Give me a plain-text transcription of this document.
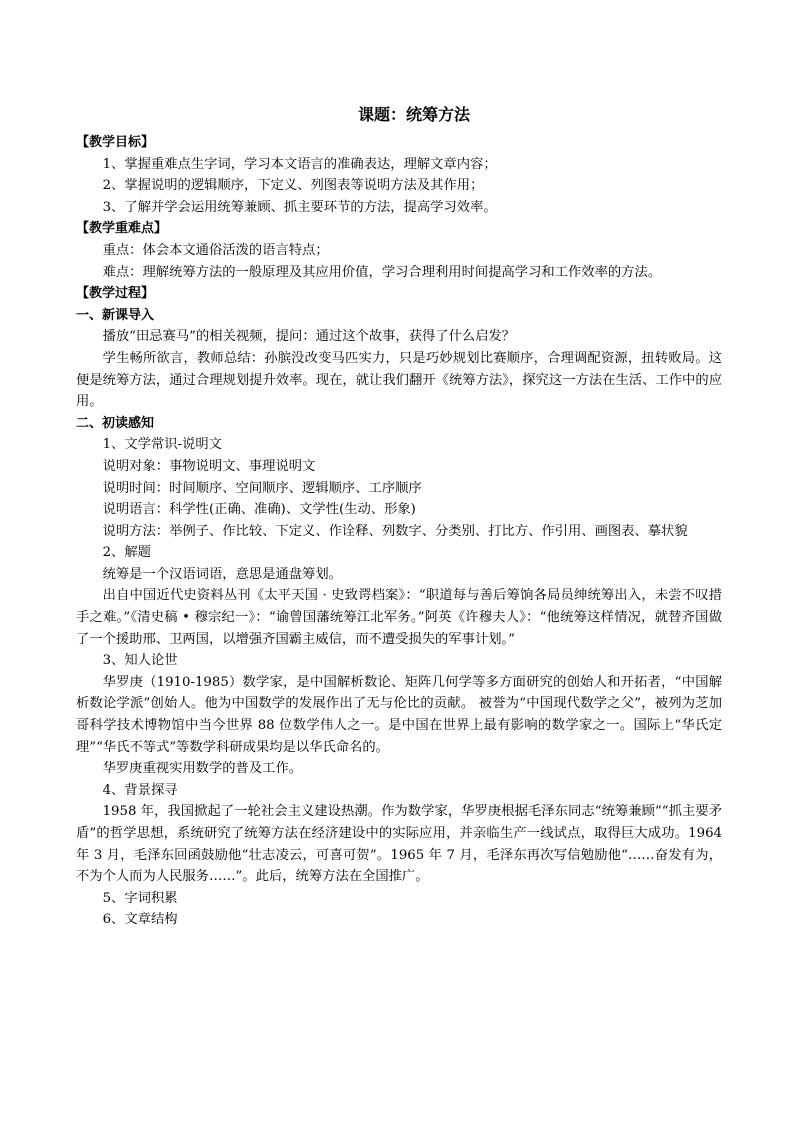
课题：统筹方法
【教学目标】
1、掌握重难点生字词，学习本文语言的准确表达，理解文章内容；
2、掌握说明的逻辑顺序，下定义、列图表等说明方法及其作用；
3、了解并学会运用统筹兼顾、抓主要环节的方法，提高学习效率。
【教学重难点】
重点：体会本文通俗活泼的语言特点；
难点：理解统筹方法的一般原理及其应用价值，学习合理利用时间提高学习和工作效率的方法。
【教学过程】
一、新课导入
播放“田忌赛马”的相关视频，提问：通过这个故事，获得了什么启发？
学生畅所欲言，教师总结：孙膑没改变马匹实力，只是巧妙规划比赛顺序，合理调配资源，扭转败局。这便是统筹方法，通过合理规划提升效率。现在，就让我们翻开《统筹方法》，探究这一方法在生活、工作中的应用。
二、初读感知
1、文学常识-说明文
说明对象：事物说明文、事理说明文
说明时间：时间顺序、空间顺序、逻辑顺序、工序顺序
说明语言：科学性(正确、准确)、文学性(生动、形象)
说明方法：举例子、作比较、下定义、作诠释、列数字、分类别、打比方、作引用、画图表、摹状貌
2、解题
统筹是一个汉语词语，意思是通盘筹划。
出自中国近代史资料丛刊《太平天国 · 史致谔档案》：“职道每与善后筹饷各局员绅统筹出入，未尝不叹措手之难。”《清史稿 • 穆宗纪一》：“谕曾国藩统筹江北军务。”阿英《许穆夫人》：“他统筹这样情况，就替齐国做了一个援助邢、卫两国，以增强齐国霸主威信，而不遭受损失的军事计划。”
3、知人论世
华罗庚（1910-1985）数学家，是中国解析数论、矩阵几何学等多方面研究的创始人和开拓者，“中国解析数论学派”创始人。他为中国数学的发展作出了无与伦比的贡献。 被誉为“中国现代数学之父”，被列为芝加哥科学技术博物馆中当今世界 88 位数学伟人之一。是中国在世界上最有影响的数学家之一。国际上“华氏定理”“华氏不等式”等数学科研成果均是以华氏命名的。
华罗庚重视实用数学的普及工作。
4、背景探寻
1958 年，我国掀起了一轮社会主义建设热潮。作为数学家，华罗庚根据毛泽东同志“统筹兼顾”“抓主要矛盾”的哲学思想，系统研究了统筹方法在经济建设中的实际应用，并亲临生产一线试点，取得巨大成功。1964 年 3 月，毛泽东回函鼓励他“壮志凌云，可喜可贺”。1965 年 7 月，毛泽东再次写信勉励他“……奋发有为，不为个人而为人民服务……”。此后，统筹方法在全国推广。
5、字词积累
6、文章结构
